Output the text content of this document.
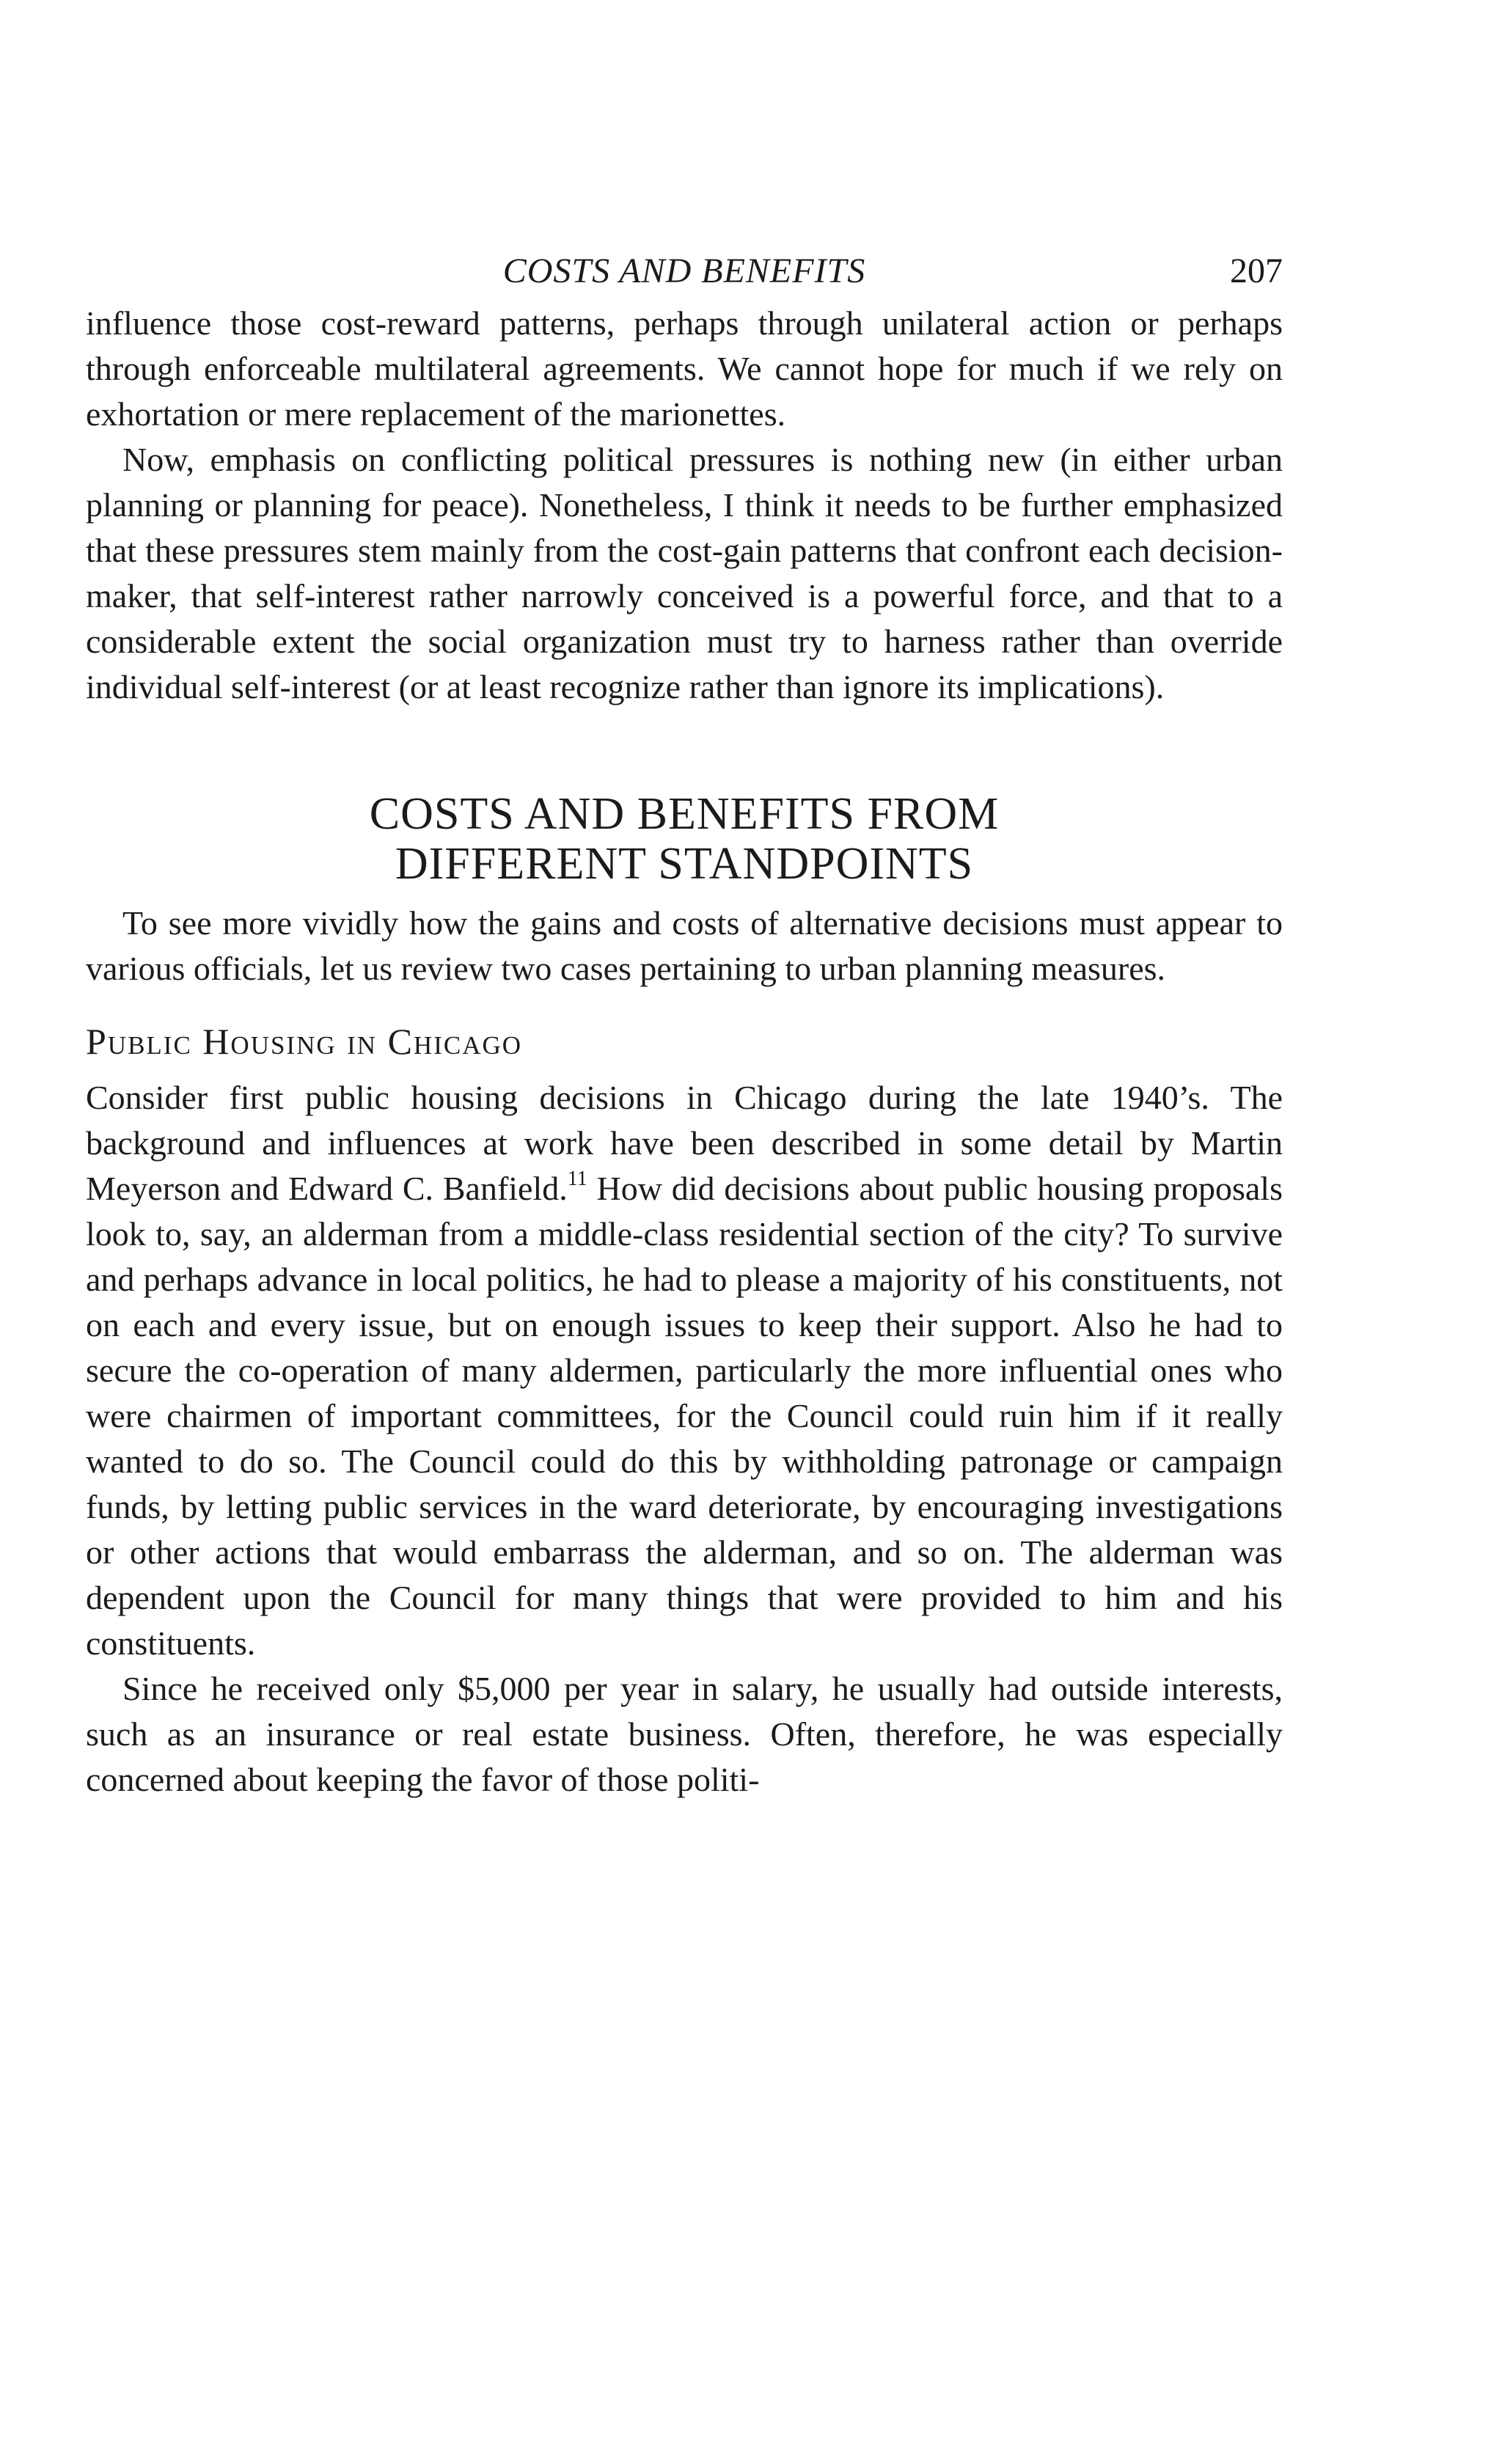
COSTS AND BENEFITS	207

influence those cost-reward patterns, perhaps through unilateral action or perhaps through enforceable multilateral agreements. We cannot hope for much if we rely on exhortation or mere replacement of the marionettes.

Now, emphasis on conflicting political pressures is nothing new (in either urban planning or planning for peace). Nonetheless, I think it needs to be further emphasized that these pressures stem mainly from the cost-gain patterns that confront each decision-maker, that self-interest rather narrowly conceived is a powerful force, and that to a considerable extent the social organization must try to harness rather than override individual self-interest (or at least recognize rather than ignore its implications).

COSTS AND BENEFITS FROM
DIFFERENT STANDPOINTS

To see more vividly how the gains and costs of alternative decisions must appear to various officials, let us review two cases pertaining to urban planning measures.

Public Housing in Chicago

Consider first public housing decisions in Chicago during the late 1940’s. The background and influences at work have been described in some detail by Martin Meyerson and Edward C. Banfield.$^{11}$ How did decisions about public housing proposals look to, say, an alderman from a middle-class residential section of the city? To survive and perhaps advance in local politics, he had to please a majority of his constituents, not on each and every issue, but on enough issues to keep their support. Also he had to secure the co-operation of many aldermen, particularly the more influential ones who were chairmen of important committees, for the Council could ruin him if it really wanted to do so. The Council could do this by withholding patronage or campaign funds, by letting public services in the ward deteriorate, by encouraging investigations or other actions that would embarrass the alderman, and so on. The alderman was dependent upon the Council for many things that were provided to him and his constituents.

Since he received only $5,000 per year in salary, he usually had outside interests, such as an insurance or real estate business. Often, therefore, he was especially concerned about keeping the favor of those politi-
